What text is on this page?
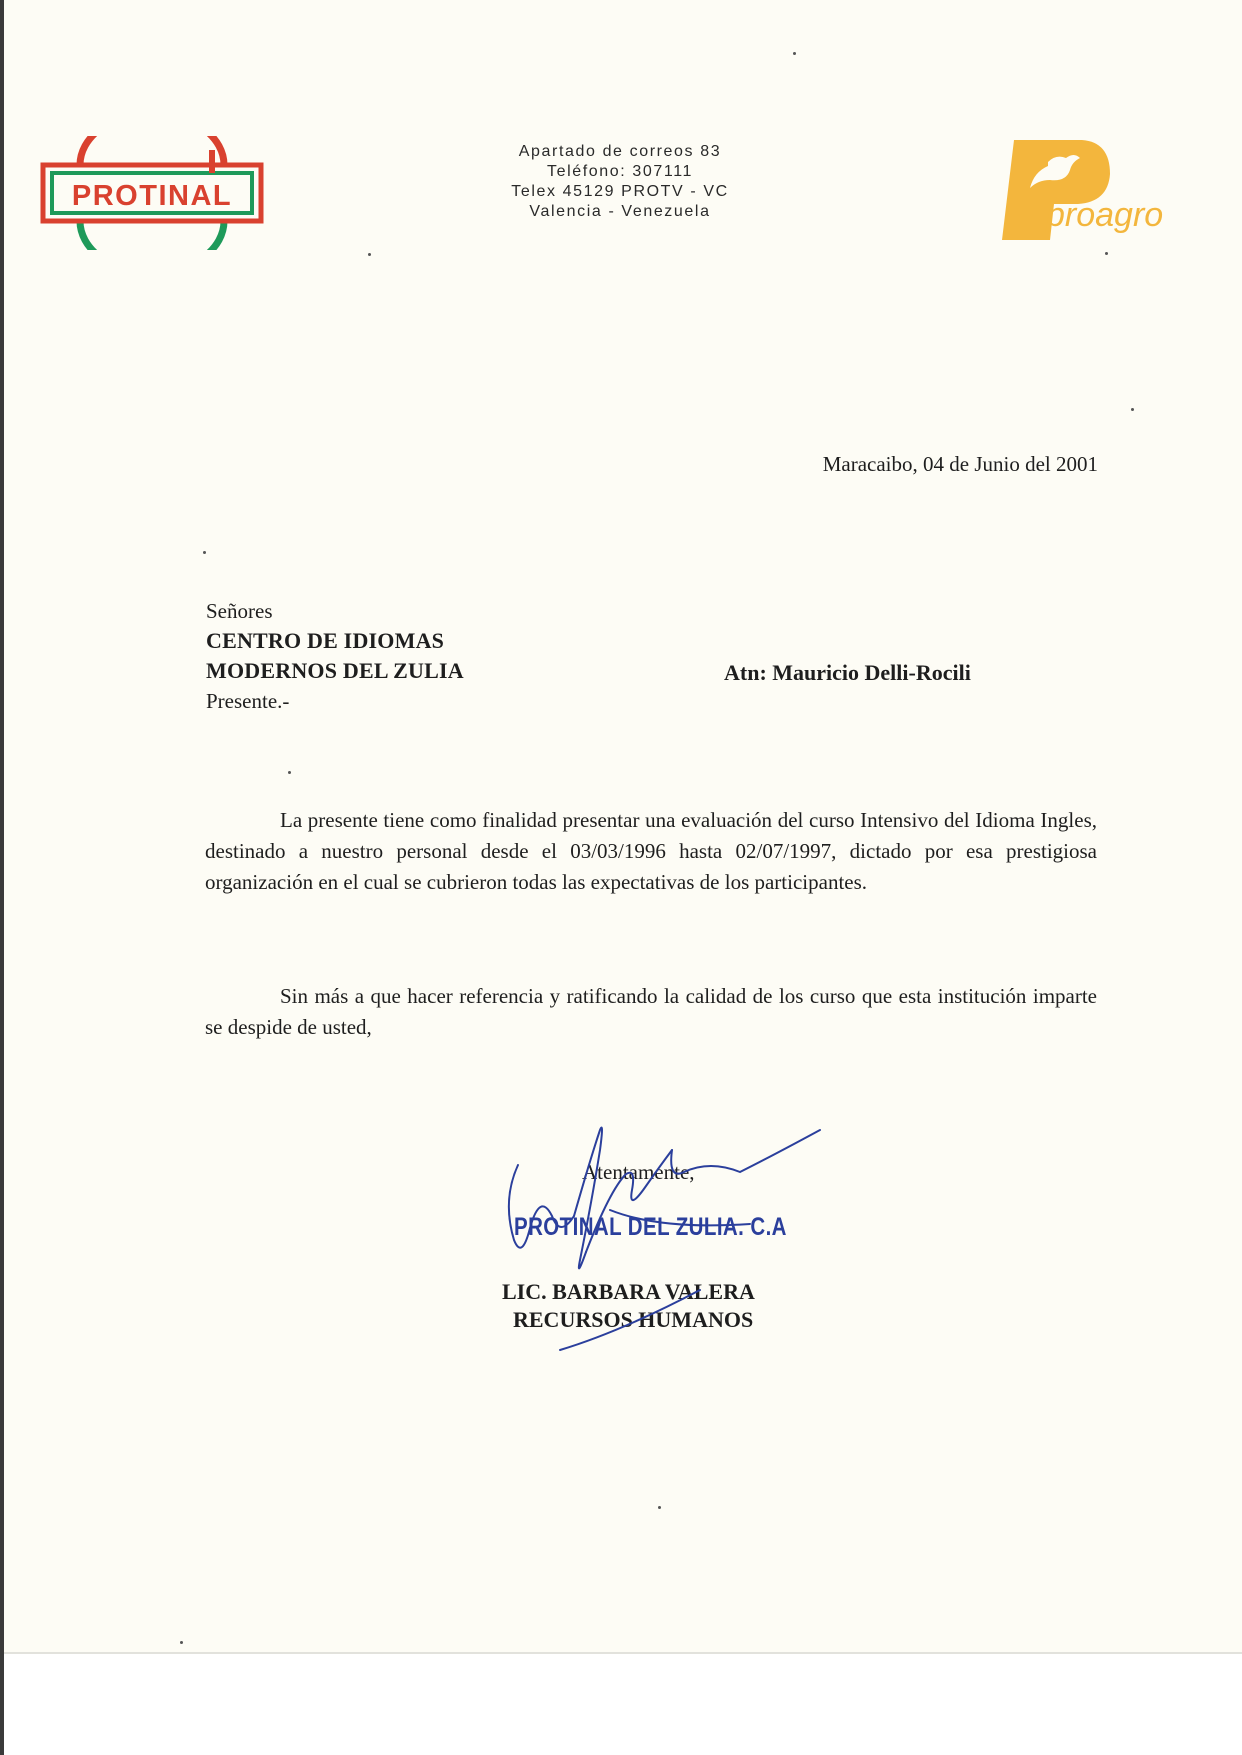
PROTINAL
Apartado de correos 83
Teléfono: 307111
Telex 45129 PROTV - VC
Valencia - Venezuela	proagro
Maracaibo, 04 de Junio del 2001
Señores
CENTRO DE IDIOMAS
MODERNOS DEL ZULIA
Presente.-
Atn: Mauricio Delli-Rocili
La presente tiene como finalidad presentar una evaluación del curso Intensivo del Idioma Ingles, destinado a nuestro personal desde el 03/03/1996 hasta 02/07/1997, dictado por esa prestigiosa organización en el cual se cubrieron todas las expectativas de los participantes.
Sin más a que hacer referencia y ratificando la calidad de los curso que esta institución imparte se despide de usted,
Atentamente,
PROTINAL DEL ZULIA. C.A
LIC. BARBARA VALERA
RECURSOS HUMANOS
